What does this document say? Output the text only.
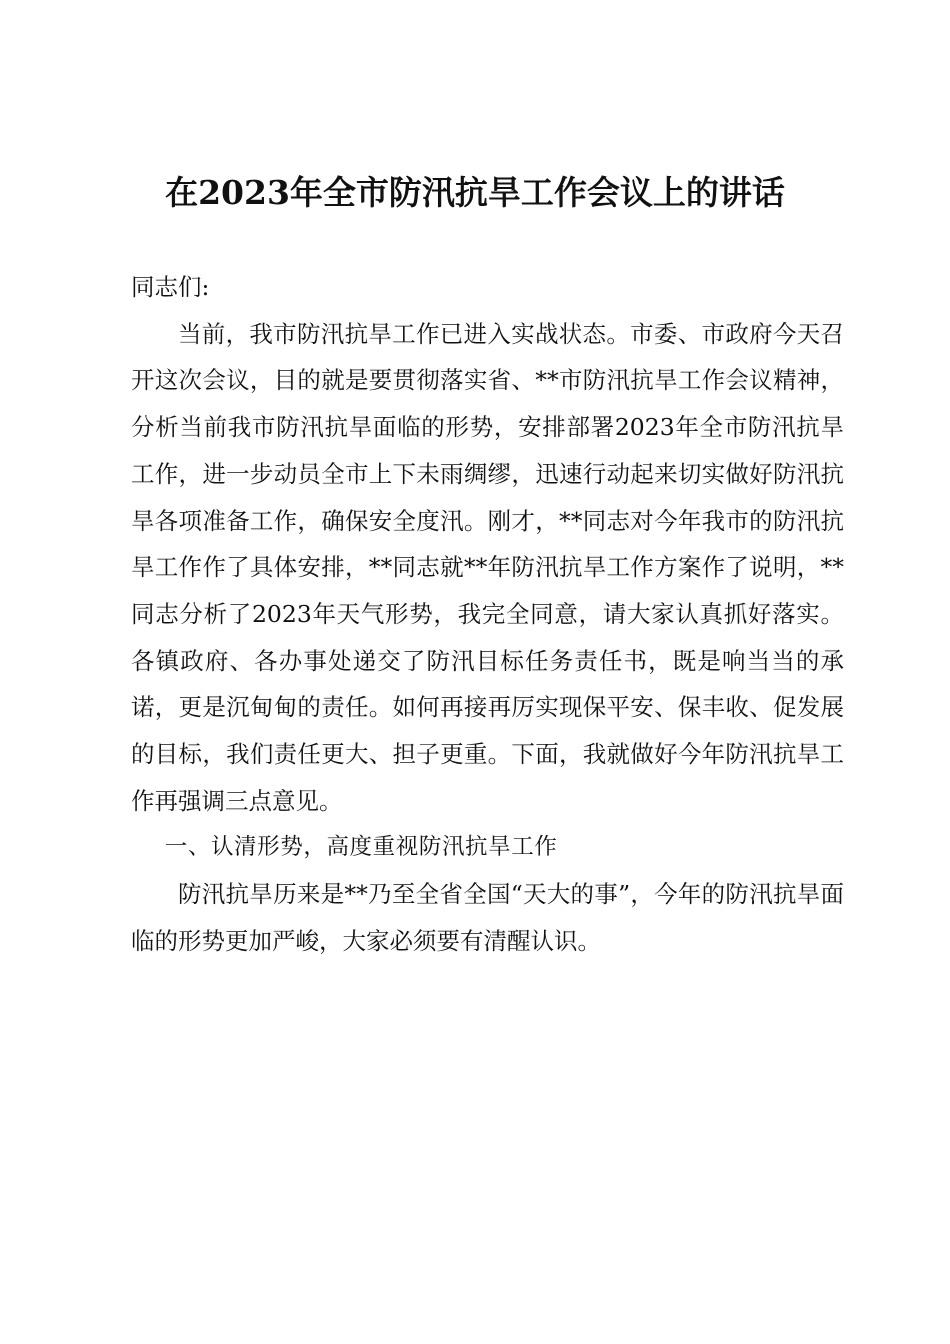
在2023年全市防汛抗旱工作会议上的讲话

同志们:

当前，我市防汛抗旱工作已进入实战状态。市委、市政府今天召开这次会议，目的就是要贯彻落实省、**市防汛抗旱工作会议精神，分析当前我市防汛抗旱面临的形势，安排部署2023年全市防汛抗旱工作，进一步动员全市上下未雨绸缪，迅速行动起来切实做好防汛抗旱各项准备工作，确保安全度汛。刚才，**同志对今年我市的防汛抗旱工作作了具体安排，**同志就**年防汛抗旱工作方案作了说明，**同志分析了2023年天气形势，我完全同意，请大家认真抓好落实。各镇政府、各办事处递交了防汛目标任务责任书，既是响当当的承诺，更是沉甸甸的责任。如何再接再厉实现保平安、保丰收、促发展的目标，我们责任更大、担子更重。下面，我就做好今年防汛抗旱工作再强调三点意见。

一、认清形势，高度重视防汛抗旱工作

防汛抗旱历来是**乃至全省全国“天大的事”，今年的防汛抗旱面临的形势更加严峻，大家必须要有清醒认识。
